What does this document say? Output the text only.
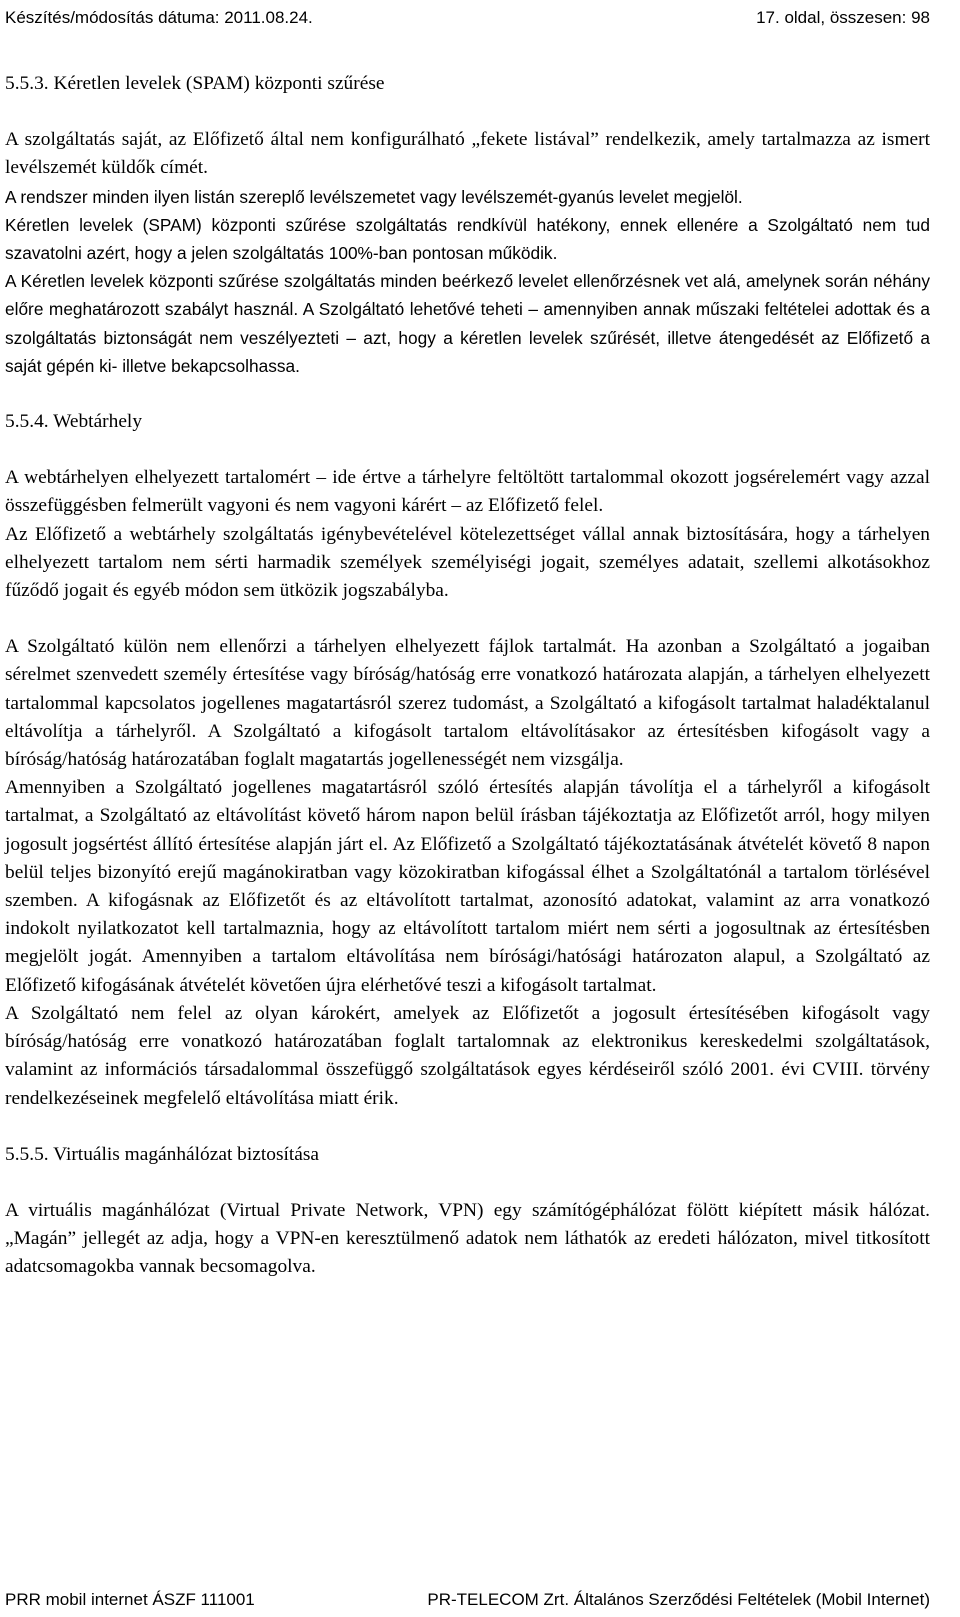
Készítés/módosítás dátuma: 2011.08.24.	17. oldal, összesen: 98
5.5.3. Kéretlen levelek (SPAM) központi szűrése

A szolgáltatás saját, az Előfizető által nem konfigurálható „fekete listával” rendelkezik, amely tartalmazza az ismert levélszemét küldők címét.

A rendszer minden ilyen listán szereplő levélszemetet vagy levélszemét-gyanús levelet megjelöl.

Kéretlen levelek (SPAM) központi szűrése szolgáltatás rendkívül hatékony, ennek ellenére a Szolgáltató nem tud szavatolni azért, hogy a jelen szolgáltatás 100%-ban pontosan működik.

A Kéretlen levelek központi szűrése szolgáltatás minden beérkező levelet ellenőrzésnek vet alá, amelynek során néhány előre meghatározott szabályt használ. A Szolgáltató lehetővé teheti – amennyiben annak műszaki feltételei adottak és a szolgáltatás biztonságát nem veszélyezteti – azt, hogy a kéretlen levelek szűrését, illetve átengedését az Előfizető a saját gépén ki- illetve bekapcsolhassa.

5.5.4. Webtárhely

A webtárhelyen elhelyezett tartalomért – ide értve a tárhelyre feltöltött tartalommal okozott jogsérelemért vagy azzal összefüggésben felmerült vagyoni és nem vagyoni kárért – az Előfizető felel.

Az Előfizető a webtárhely szolgáltatás igénybevételével kötelezettséget vállal annak biztosítására, hogy a tárhelyen elhelyezett tartalom nem sérti harmadik személyek személyiségi jogait, személyes adatait, szellemi alkotásokhoz fűződő jogait és egyéb módon sem ütközik jogszabályba.

A Szolgáltató külön nem ellenőrzi a tárhelyen elhelyezett fájlok tartalmát. Ha azonban a Szolgáltató a jogaiban sérelmet szenvedett személy értesítése vagy bíróság/hatóság erre vonatkozó határozata alapján, a tárhelyen elhelyezett tartalommal kapcsolatos jogellenes magatartásról szerez tudomást, a Szolgáltató a kifogásolt tartalmat haladéktalanul eltávolítja a tárhelyről. A Szolgáltató a kifogásolt tartalom eltávolításakor az értesítésben kifogásolt vagy a bíróság/hatóság határozatában foglalt magatartás jogellenességét nem vizsgálja.

Amennyiben a Szolgáltató jogellenes magatartásról szóló értesítés alapján távolítja el a tárhelyről a kifogásolt tartalmat, a Szolgáltató az eltávolítást követő három napon belül írásban tájékoztatja az Előfizetőt arról, hogy milyen jogosult jogsértést állító értesítése alapján járt el. Az Előfizető a Szolgáltató tájékoztatásának átvételét követő 8 napon belül teljes bizonyító erejű magánokiratban vagy közokiratban kifogással élhet a Szolgáltatónál a tartalom törlésével szemben. A kifogásnak az Előfizetőt és az eltávolított tartalmat, azonosító adatokat, valamint az arra vonatkozó indokolt nyilatkozatot kell tartalmaznia, hogy az eltávolított tartalom miért nem sérti a jogosultnak az értesítésben megjelölt jogát. Amennyiben a tartalom eltávolítása nem bírósági/hatósági határozaton alapul, a Szolgáltató az Előfizető kifogásának átvételét követően újra elérhetővé teszi a kifogásolt tartalmat.

A Szolgáltató nem felel az olyan károkért, amelyek az Előfizetőt a jogosult értesítésében kifogásolt vagy bíróság/hatóság erre vonatkozó határozatában foglalt tartalomnak az elektronikus kereskedelmi szolgáltatások, valamint az információs társadalommal összefüggő szolgáltatások egyes kérdéseiről szóló 2001. évi CVIII. törvény rendelkezéseinek megfelelő eltávolítása miatt érik.

5.5.5. Virtuális magánhálózat biztosítása

A virtuális magánhálózat (Virtual Private Network, VPN) egy számítógéphálózat fölött kiépített másik hálózat. „Magán” jellegét az adja, hogy a VPN-en keresztülmenő adatok nem láthatók az eredeti hálózaton, mivel titkosított adatcsomagokba vannak becsomagolva.

PRR mobil internet ÁSZF 111001	PR-TELECOM Zrt. Általános Szerződési Feltételek (Mobil Internet)
